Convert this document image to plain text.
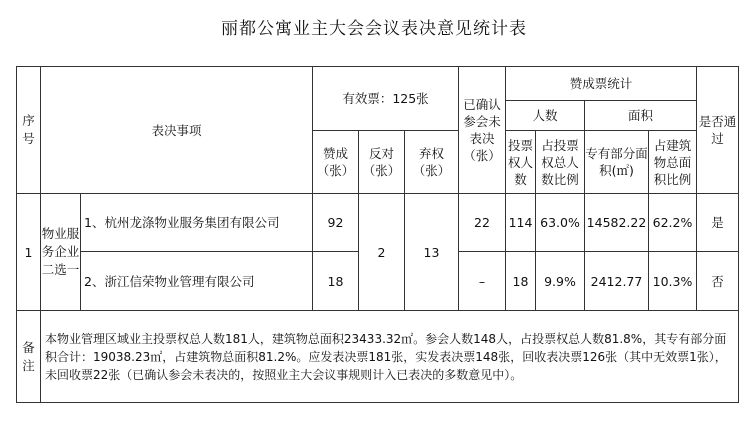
丽都公寓业主大会会议表决意见统计表
序号	表决事项		有效票：125张			已确认参会未表决（张）	赞成票统计				是否通过
							人数		面积		
			赞成（张）	反对（张）	弃权（张）		投票权人数	占投票权总人数比例	专有部分面积(㎡)	占建筑物总面积比例	
1	物业服务企业二选一	1、杭州龙涤物业服务集团有限公司	92	2	13	22	114	63.0%	14582.22	62.2%	是
		2、浙江信荣物业管理有限公司	18			–	18	9.9%	2412.77	10.3%	否
备注	本物业管理区域业主投票权总人数181人，建筑物总面积23433.32㎡。参会人数148人，占投票权总人数81.8%，其专有部分面积合计：19038.23㎡，占建筑物总面积81.2%。应发表决票181张，实发表决票148张，回收表决票126张（其中无效票1张），未回收票22张（已确认参会未表决的，按照业主大会议事规则计入已表决的多数意见中）。										
